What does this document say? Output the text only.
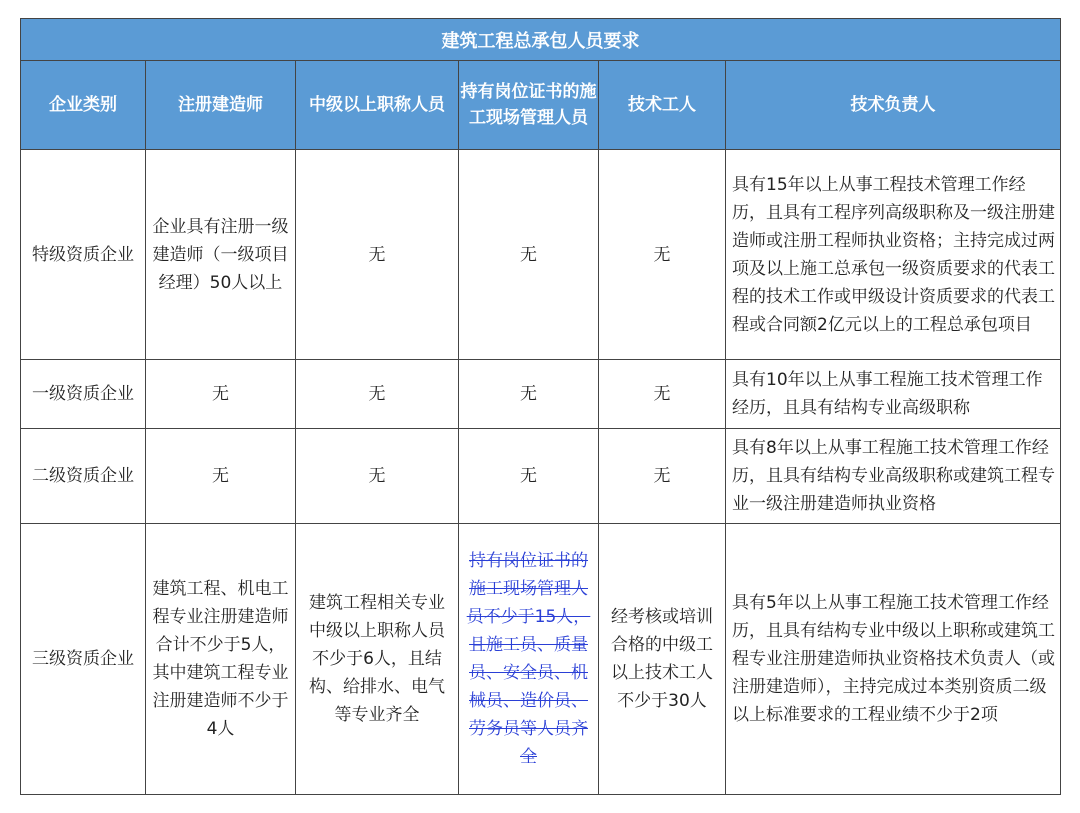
建筑工程总承包人员要求					
企业类别	注册建造师	中级以上职称人员	持有岗位证书的施工现场管理人员	技术工人	技术负责人
特级资质企业	企业具有注册一级建造师（一级项目经理）50人以上	无	无	无	具有15年以上从事工程技术管理工作经历，且具有工程序列高级职称及一级注册建造师或注册工程师执业资格；主持完成过两项及以上施工总承包一级资质要求的代表工程的技术工作或甲级设计资质要求的代表工程或合同额2亿元以上的工程总承包项目
一级资质企业	无	无	无	无	具有10年以上从事工程施工技术管理工作经历，且具有结构专业高级职称
二级资质企业	无	无	无	无	具有8年以上从事工程施工技术管理工作经历，且具有结构专业高级职称或建筑工程专业一级注册建造师执业资格
三级资质企业	建筑工程、机电工程专业注册建造师合计不少于5人，其中建筑工程专业注册建造师不少于4人	建筑工程相关专业中级以上职称人员不少于6人，且结构、给排水、电气等专业齐全	持有岗位证书的施工现场管理人员不少于15人，且施工员、质量员、安全员、机械员、造价员、劳务员等人员齐全	经考核或培训合格的中级工以上技术工人不少于30人	具有5年以上从事工程施工技术管理工作经历，且具有结构专业中级以上职称或建筑工程专业注册建造师执业资格技术负责人（或注册建造师），主持完成过本类别资质二级以上标准要求的工程业绩不少于2项
